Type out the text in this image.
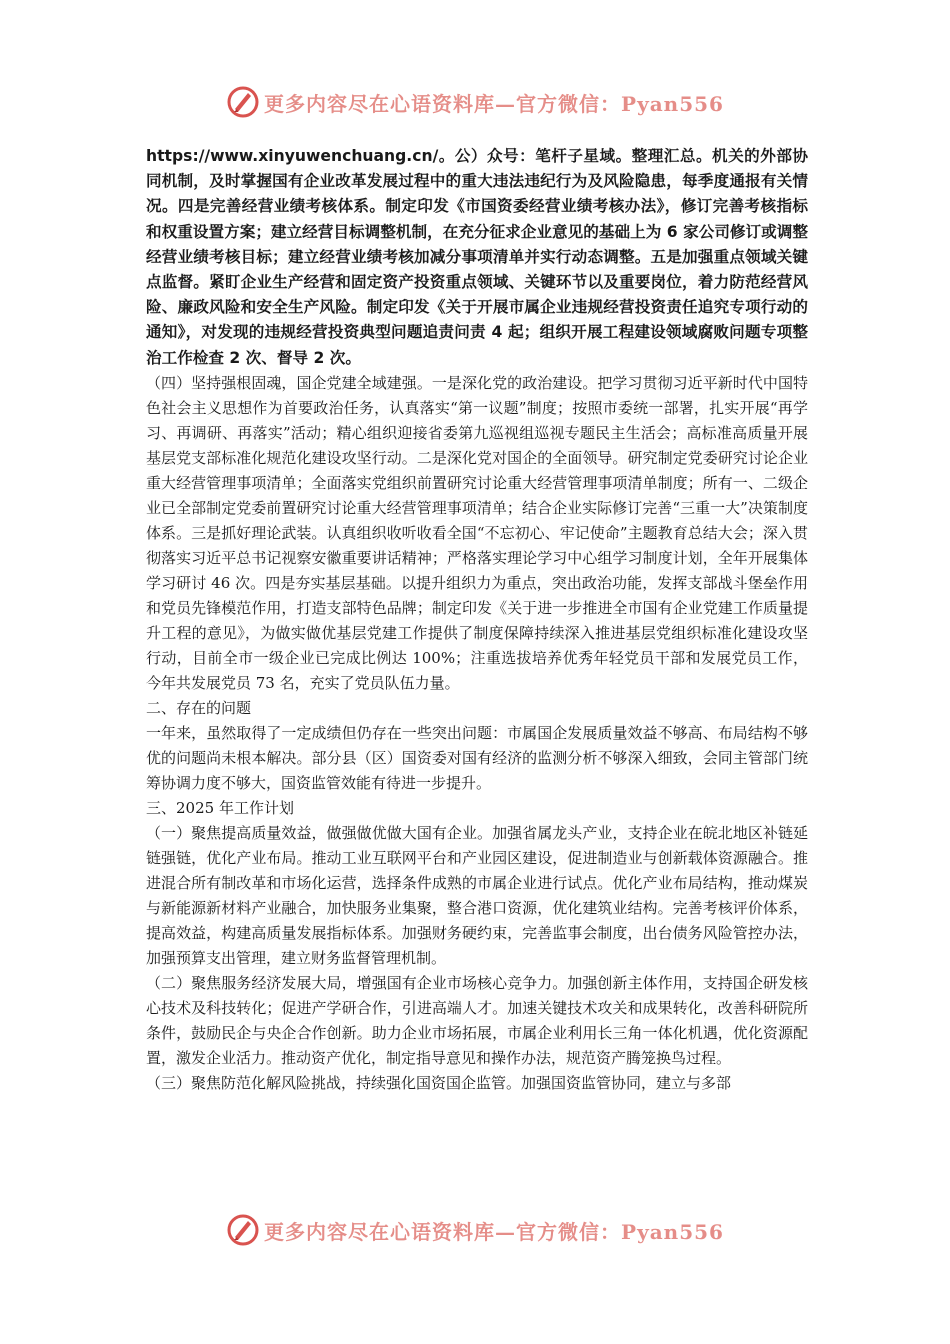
更多内容尽在心语资料库—官方微信：Pyan556

https://www.xinyuwenchuang.cn/。公）众号：笔杆子星域。整理汇总。机关的外部协同机制，及时掌握国有企业改革发展过程中的重大违法违纪行为及风险隐患，每季度通报有关情况。四是完善经营业绩考核体系。制定印发《市国资委经营业绩考核办法》，修订完善考核指标和权重设置方案；建立经营目标调整机制，在充分征求企业意见的基础上为 6 家公司修订或调整经营业绩考核目标；建立经营业绩考核加减分事项清单并实行动态调整。五是加强重点领域关键点监督。紧盯企业生产经营和固定资产投资重点领域、关键环节以及重要岗位，着力防范经营风险、廉政风险和安全生产风险。制定印发《关于开展市属企业违规经营投资责任追究专项行动的通知》，对发现的违规经营投资典型问题追责问责 4 起；组织开展工程建设领域腐败问题专项整治工作检查 2 次、督导 2 次。

（四）坚持强根固魂，国企党建全域建强。一是深化党的政治建设。把学习贯彻习近平新时代中国特色社会主义思想作为首要政治任务，认真落实“第一议题”制度；按照市委统一部署，扎实开展“再学习、再调研、再落实”活动；精心组织迎接省委第九巡视组巡视专题民主生活会；高标准高质量开展基层党支部标准化规范化建设攻坚行动。二是深化党对国企的全面领导。研究制定党委研究讨论企业重大经营管理事项清单；全面落实党组织前置研究讨论重大经营管理事项清单制度；所有一、二级企业已全部制定党委前置研究讨论重大经营管理事项清单；结合企业实际修订完善“三重一大”决策制度体系。三是抓好理论武装。认真组织收听收看全国“不忘初心、牢记使命”主题教育总结大会；深入贯彻落实习近平总书记视察安徽重要讲话精神；严格落实理论学习中心组学习制度计划，全年开展集体学习研讨 46 次。四是夯实基层基础。以提升组织力为重点，突出政治功能，发挥支部战斗堡垒作用和党员先锋模范作用，打造支部特色品牌；制定印发《关于进一步推进全市国有企业党建工作质量提升工程的意见》，为做实做优基层党建工作提供了制度保障持续深入推进基层党组织标准化建设攻坚行动，目前全市一级企业已完成比例达 100%；注重选拔培养优秀年轻党员干部和发展党员工作，今年共发展党员 73 名，充实了党员队伍力量。

二、存在的问题

一年来，虽然取得了一定成绩但仍存在一些突出问题：市属国企发展质量效益不够高、布局结构不够优的问题尚未根本解决。部分县（区）国资委对国有经济的监测分析不够深入细致，会同主管部门统筹协调力度不够大，国资监管效能有待进一步提升。

三、2025 年工作计划

（一）聚焦提高质量效益，做强做优做大国有企业。加强省属龙头产业，支持企业在皖北地区补链延链强链，优化产业布局。推动工业互联网平台和产业园区建设，促进制造业与创新载体资源融合。推进混合所有制改革和市场化运营，选择条件成熟的市属企业进行试点。优化产业布局结构，推动煤炭与新能源新材料产业融合，加快服务业集聚，整合港口资源，优化建筑业结构。完善考核评价体系，提高效益，构建高质量发展指标体系。加强财务硬约束，完善监事会制度，出台债务风险管控办法，加强预算支出管理，建立财务监督管理机制。

（二）聚焦服务经济发展大局，增强国有企业市场核心竞争力。加强创新主体作用，支持国企研发核心技术及科技转化；促进产学研合作，引进高端人才。加速关键技术攻关和成果转化，改善科研院所条件，鼓励民企与央企合作创新。助力企业市场拓展，市属企业利用长三角一体化机遇，优化资源配置，激发企业活力。推动资产优化，制定指导意见和操作办法，规范资产腾笼换鸟过程。

（三）聚焦防范化解风险挑战，持续强化国资国企监管。加强国资监管协同，建立与多部

更多内容尽在心语资料库—官方微信：Pyan556
